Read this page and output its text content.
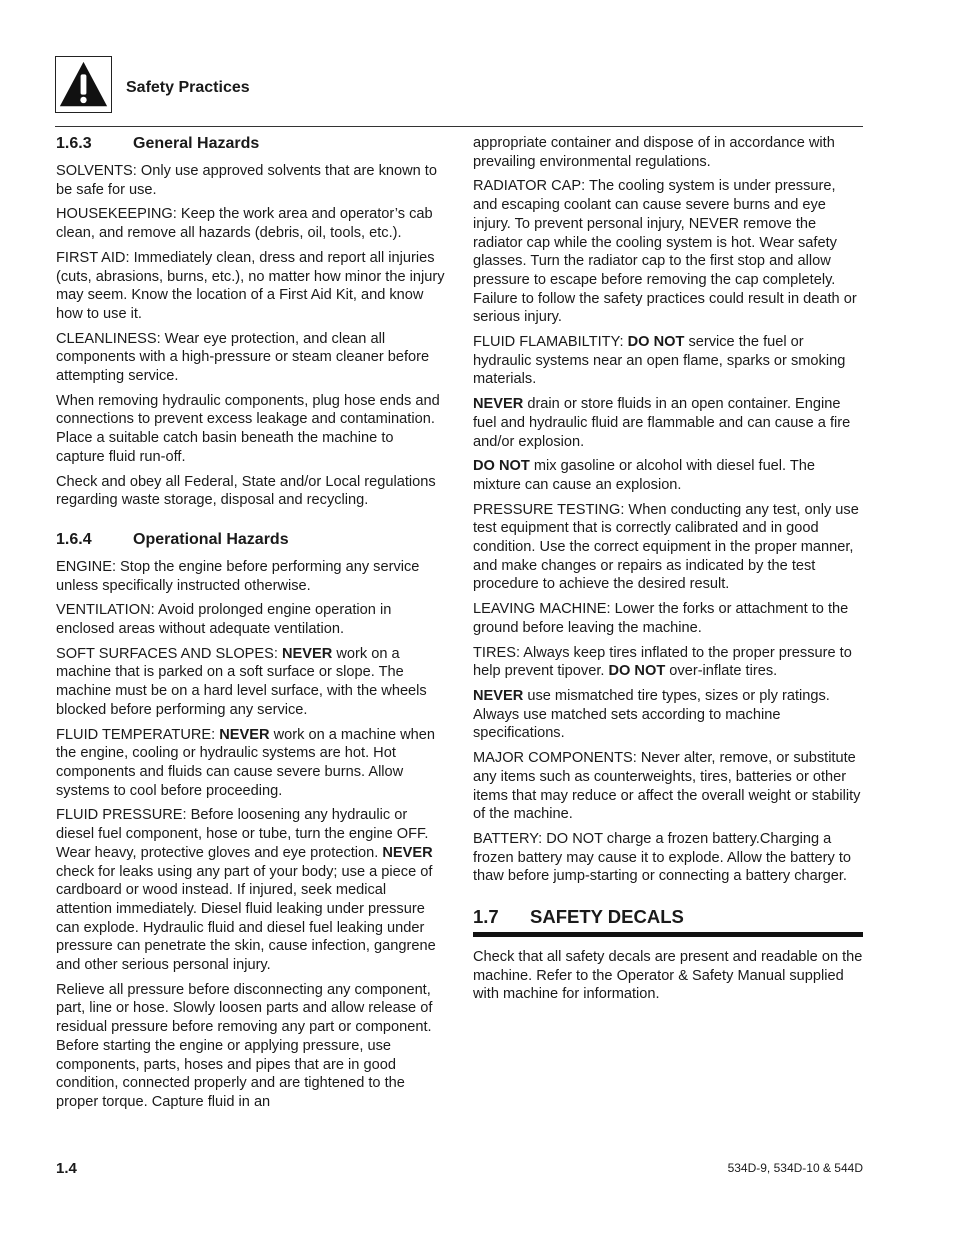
Safety Practices
1.6.3	General Hazards

SOLVENTS: Only use approved solvents that are known to be safe for use.

HOUSEKEEPING: Keep the work area and operator’s cab clean, and remove all hazards (debris, oil, tools, etc.).

FIRST AID: Immediately clean, dress and report all injuries (cuts, abrasions, burns, etc.), no matter how minor the injury may seem. Know the location of a First Aid Kit, and know how to use it.

CLEANLINESS: Wear eye protection, and clean all components with a high-pressure or steam cleaner before attempting service.

When removing hydraulic components, plug hose ends and connections to prevent excess leakage and contamination. Place a suitable catch basin beneath the machine to capture fluid run-off.

Check and obey all Federal, State and/or Local regulations regarding waste storage, disposal and recycling.

1.6.4	Operational Hazards

ENGINE: Stop the engine before performing any service unless specifically instructed otherwise.

VENTILATION: Avoid prolonged engine operation in enclosed areas without adequate ventilation.

SOFT SURFACES AND SLOPES: NEVER work on a machine that is parked on a soft surface or slope. The machine must be on a hard level surface, with the wheels blocked before performing any service.

FLUID TEMPERATURE: NEVER work on a machine when the engine, cooling or hydraulic systems are hot. Hot components and fluids can cause severe burns. Allow systems to cool before proceeding.

FLUID PRESSURE: Before loosening any hydraulic or diesel fuel component, hose or tube, turn the engine OFF. Wear heavy, protective gloves and eye protection. NEVER check for leaks using any part of your body; use a piece of cardboard or wood instead. If injured, seek medical attention immediately. Diesel fluid leaking under pressure can explode. Hydraulic fluid and diesel fuel leaking under pressure can penetrate the skin, cause infection, gangrene and other serious personal injury.

Relieve all pressure before disconnecting any component, part, line or hose. Slowly loosen parts and allow release of residual pressure before removing any part or component. Before starting the engine or applying pressure, use components, parts, hoses and pipes that are in good condition, connected properly and are tightened to the proper torque. Capture fluid in an

appropriate container and dispose of in accordance with prevailing environmental regulations.

RADIATOR CAP: The cooling system is under pressure, and escaping coolant can cause severe burns and eye injury. To prevent personal injury, NEVER remove the radiator cap while the cooling system is hot. Wear safety glasses. Turn the radiator cap to the first stop and allow pressure to escape before removing the cap completely. Failure to follow the safety practices could result in death or serious injury.

FLUID FLAMABILTITY: DO NOT service the fuel or hydraulic systems near an open flame, sparks or smoking materials.

NEVER drain or store fluids in an open container. Engine fuel and hydraulic fluid are flammable and can cause a fire and/or explosion.

DO NOT mix gasoline or alcohol with diesel fuel. The mixture can cause an explosion.

PRESSURE TESTING: When conducting any test, only use test equipment that is correctly calibrated and in good condition. Use the correct equipment in the proper manner, and make changes or repairs as indicated by the test procedure to achieve the desired result.

LEAVING MACHINE: Lower the forks or attachment to the ground before leaving the machine.

TIRES: Always keep tires inflated to the proper pressure to help prevent tipover. DO NOT over-inflate tires.

NEVER use mismatched tire types, sizes or ply ratings. Always use matched sets according to machine specifications.

MAJOR COMPONENTS: Never alter, remove, or substitute any items such as counterweights, tires, batteries or other items that may reduce or affect the overall weight or stability of the machine.

BATTERY: DO NOT charge a frozen battery.Charging a frozen battery may cause it to explode. Allow the battery to thaw before jump-starting or connecting a battery charger.

1.7 SAFETY DECALS

Check that all safety decals are present and readable on the machine. Refer to the Operator & Safety Manual supplied with machine for information.

1.4	534D-9, 534D-10 & 544D
